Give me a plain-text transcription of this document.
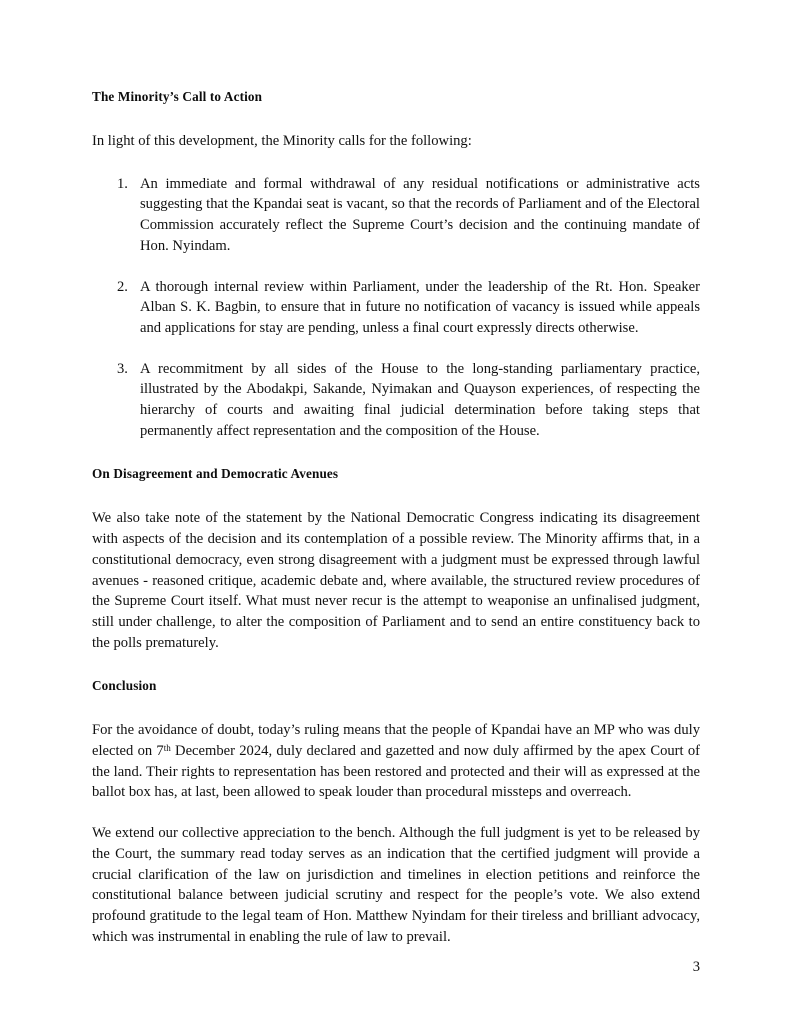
The Minority’s Call to Action

In light of this development, the Minority calls for the following:

1. An immediate and formal withdrawal of any residual notifications or administrative acts suggesting that the Kpandai seat is vacant, so that the records of Parliament and of the Electoral Commission accurately reflect the Supreme Court’s decision and the continuing mandate of Hon. Nyindam.
2. A thorough internal review within Parliament, under the leadership of the Rt. Hon. Speaker Alban S. K. Bagbin, to ensure that in future no notification of vacancy is issued while appeals and applications for stay are pending, unless a final court expressly directs otherwise.
3. A recommitment by all sides of the House to the long-standing parliamentary practice, illustrated by the Abodakpi, Sakande, Nyimakan and Quayson experiences, of respecting the hierarchy of courts and awaiting final judicial determination before taking steps that permanently affect representation and the composition of the House.
On Disagreement and Democratic Avenues

We also take note of the statement by the National Democratic Congress indicating its disagreement with aspects of the decision and its contemplation of a possible review. The Minority affirms that, in a constitutional democracy, even strong disagreement with a judgment must be expressed through lawful avenues - reasoned critique, academic debate and, where available, the structured review procedures of the Supreme Court itself. What must never recur is the attempt to weaponise an unfinalised judgment, still under challenge, to alter the composition of Parliament and to send an entire constituency back to the polls prematurely.

Conclusion

For the avoidance of doubt, today’s ruling means that the people of Kpandai have an MP who was duly elected on 7th December 2024, duly declared and gazetted and now duly affirmed by the apex Court of the land. Their rights to representation has been restored and protected and their will as expressed at the ballot box has, at last, been allowed to speak louder than procedural missteps and overreach.

We extend our collective appreciation to the bench. Although the full judgment is yet to be released by the Court, the summary read today serves as an indication that the certified judgment will provide a crucial clarification of the law on jurisdiction and timelines in election petitions and reinforce the constitutional balance between judicial scrutiny and respect for the people’s vote. We also extend profound gratitude to the legal team of Hon. Matthew Nyindam for their tireless and brilliant advocacy, which was instrumental in enabling the rule of law to prevail.

3
